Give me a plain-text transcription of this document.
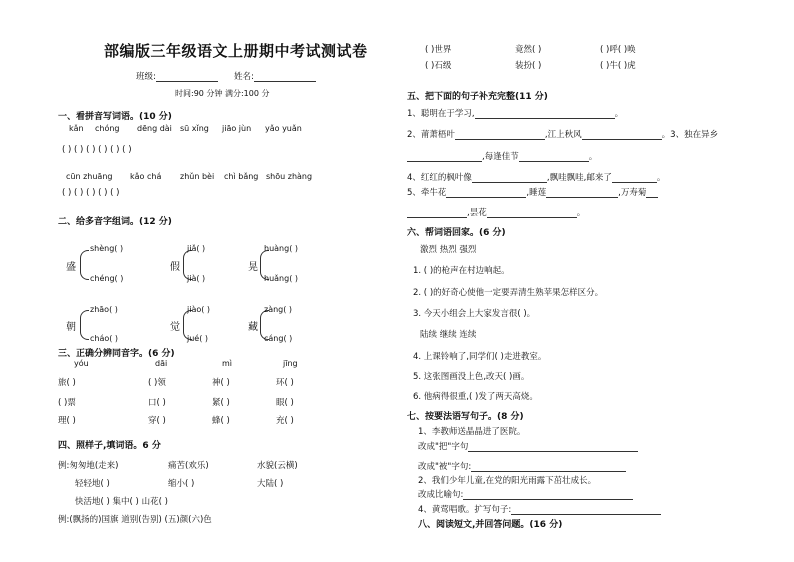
部编版三年级语文上册期中考试测试卷
班级:	姓名:
时间:90 分钟 满分:100 分
一、看拼音写词语。(10 分)
kǎn chóng dēng dài sū xǐng jiāo jùn yǎo yuǎn
( ) ( ) ( ) ( ) ( ) ( )
cūn zhuāng kǎo chá zhǔn bèi chì bǎng shōu zhàng
( ) ( ) ( ) ( ) ( )
二、给多音字组词。(12 分)
盛
shèng( )
chéng( )
假
jiǎ( )
jià( )
晃
huàng( )
huǎng( )
朝
zhāo( )
cháo( )
觉
jiào( )
jué( )
藏
zàng( )
cáng( )
三、正确分辨同音字。(6 分)
yóu	dāi	mì	jīng
旅( )	( )领	神( )	环( )
( )票	口( )	紧( )	眼( )
理( )	穿( )	蜂( )	充( )
四、照样子,填词语。6 分
例:匆匆地(走来)	痛苦(欢乐)	水貌(云横)
轻轻地( )	缩小( )	大陆( )
快活地( ) 集中( ) 山花( )
例:(飘扬的)国旗 道别(告别) (五)颜(六)色
( )世界	竟然( )	( )呼( )唤
( )石级	装扮( )	( )牛( )虎
五、把下面的句子补充完整(11 分)
1、聪明在于学习,	。
2、莆萧梧叶	,江上秋风	。3、独在异乡
,每逢佳节	。
4、红红的枫叶像	,飘哇飘哇,邮来了	。
5、牵牛花	,睡莲	,万寿菊
,昙花	。
六、帮词语回家。(6 分)
激烈 热烈 强烈
1. ( )的枪声在村边响起。
2. ( )的好奇心使他一定要弄清生熟苹果怎样区分。
3. 今天小组会上大家发言很( )。
陆续 继续 连续
4. 上课铃响了,同学们( )走进教室。
5. 这张图画没上色,改天( )画。
6. 他病得很重,( )发了两天高烧。
七、按要法语写句子。(8 分)
1、李教师送晶晶进了医院。
改成"把"字句
改成"被"字句:
2、我们少年儿童,在党的阳光雨露下茁壮成长。
改成比喻句:
4、黄莺唱歌。扩写句子:
八、阅读短文,并回答问题。(16 分)
